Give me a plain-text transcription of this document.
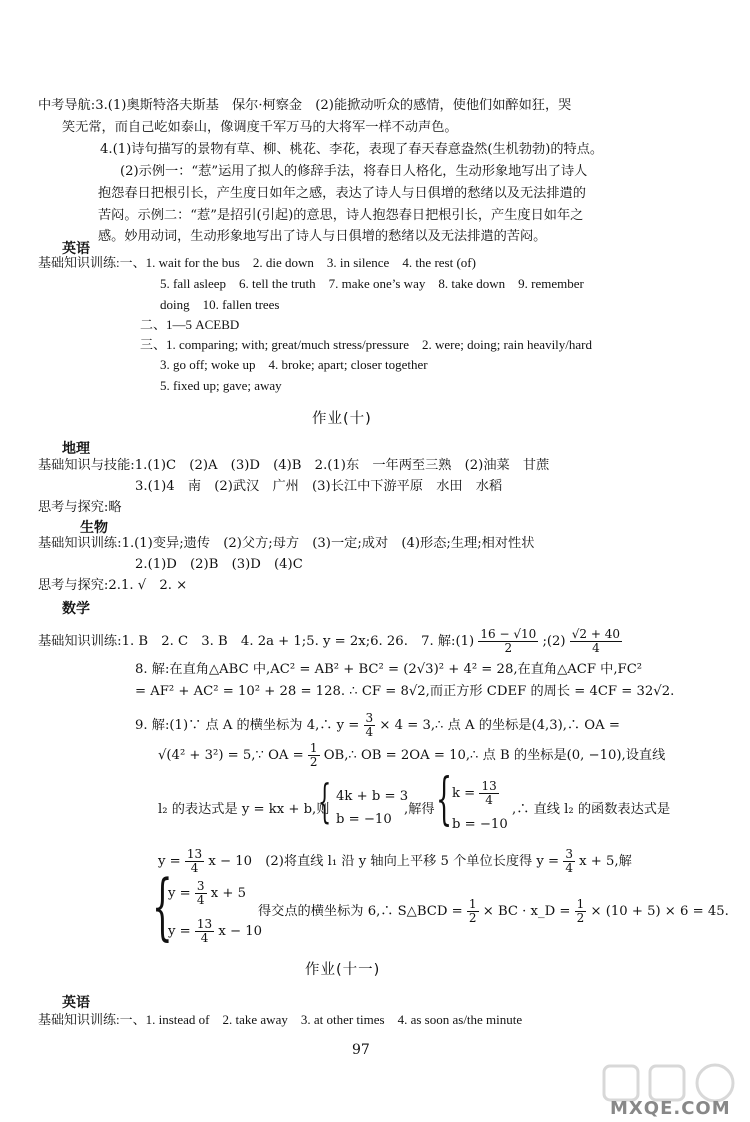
中考导航:3.(1)奥斯特洛夫斯基　保尔·柯察金　(2)能掀动听众的感情，使他们如醉如狂，哭
笑无常，而自己屹如泰山，像调度千军万马的大将军一样不动声色。
4.(1)诗句描写的景物有草、柳、桃花、李花，表现了春天春意盎然(生机勃勃)的特点。
(2)示例一：“惹”运用了拟人的修辞手法，将春日人格化，生动形象地写出了诗人
抱怨春日把根引长，产生度日如年之感，表达了诗人与日俱增的愁绪以及无法排遣的
苦闷。示例二：“惹”是招引(引起)的意思，诗人抱怨春日把根引长，产生度日如年之
感。妙用动词，生动形象地写出了诗人与日俱增的愁绪以及无法排遣的苦闷。
英语
基础知识训练:一、1. wait for the bus　2. die down　3. in silence　4. the rest (of)
5. fall asleep　6. tell the truth　7. make one’s way　8. take down　9. remember
doing　10. fallen trees
二、1—5 ACEBD
三、1. comparing; with; great/much stress/pressure　2. were; doing; rain heavily/hard
3. go off; woke up　4. broke; apart; closer together
5. fixed up; gave; away
作业(十)
地理
基础知识与技能:1.(1)C　(2)A　(3)D　(4)B　2.(1)东　一年两至三熟　(2)油菜　甘蔗
3.(1)4　南　(2)武汉　广州　(3)长江中下游平原　水田　水稻
思考与探究:略
生物
基础知识训练:1.(1)变异;遗传　(2)父方;母方　(3)一定;成对　(4)形态;生理;相对性状
2.(1)D　(2)B　(3)D　(4)C
思考与探究:2.1. √　2. ×
数学
基础知识训练:1. B　2. C　3. B　4. 2a + 1;5. y = 2x;6. 26.　7. 解:(1) $\frac{16 - √10}{2}$ ;(2) $\frac{√2 + 40}{4}$
8. 解:在直角△ABC 中,AC² = AB² + BC² = (2√3)² + 4² = 28,在直角△ACF 中,FC²
= AF² + AC² = 10² + 28 = 128. ∴ CF = 8√2,而正方形 CDEF 的周长 = 4CF = 32√2.
9. 解:(1)∵ 点 A 的横坐标为 4,∴ $y = \frac{3}{4} \times 4$ = 3,∴ 点 A 的坐标是(4,3),∴ OA =
√(4² + 3²) = 5,∵ OA = $\frac{1}{2}$ OB,∴ OB = 2OA = 10,∴ 点 B 的坐标是(0, −10),设直线
l₂ 的表达式是 y = kx + b,则
{ 4k + b = 3
b = −10
,解得 { $k = \frac{13}{4}$
b = −10
,∴ 直线 l₂ 的函数表达式是
$y = \frac{13}{4}$ x − 10　(2)将直线 l₁ 沿 y 轴向上平移 5 个单位长度得 $y = \frac{3}{4}$ x + 5,解
{
$y = \frac{3}{4}$ x + 5
$y = \frac{13}{4}$ x − 10
得交点的横坐标为 6,∴ S△BCD = $\frac{1}{2}$ × BC · x_D = $\frac{1}{2} \times (10 + 5) \times 6 = 45$.
作业(十一)
英语
基础知识训练:一、1. instead of　2. take away　3. at other times　4. as soon as/the minute
97
MXQE.COM
